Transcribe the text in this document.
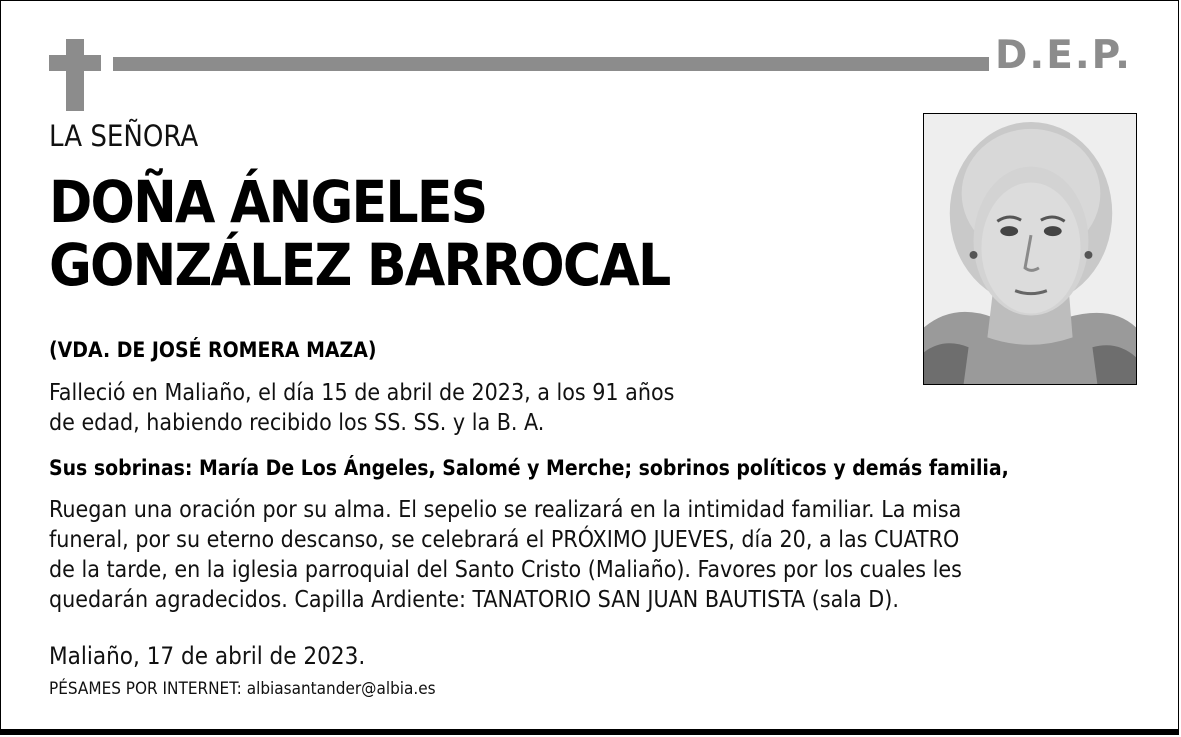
D.E.P.
LA SEÑORA
DOÑA ÁNGELES
GONZÁLEZ BARROCAL
(VDA. DE JOSÉ ROMERA MAZA)
Falleció en Maliaño, el día 15 de abril de 2023, a los 91 años
de edad, habiendo recibido los SS. SS. y la B. A.
Sus sobrinas: María De Los Ángeles, Salomé y Merche; sobrinos políticos y demás familia,
Ruegan una oración por su alma. El sepelio se realizará en la intimidad familiar. La misa
funeral, por su eterno descanso, se celebrará el PRÓXIMO JUEVES, día 20, a las CUATRO
de la tarde, en la iglesia parroquial del Santo Cristo (Maliaño). Favores por los cuales les
quedarán agradecidos. Capilla Ardiente: TANATORIO SAN JUAN BAUTISTA (sala D).
Maliaño, 17 de abril de 2023.
PÉSAMES POR INTERNET: albiasantander@albia.es
